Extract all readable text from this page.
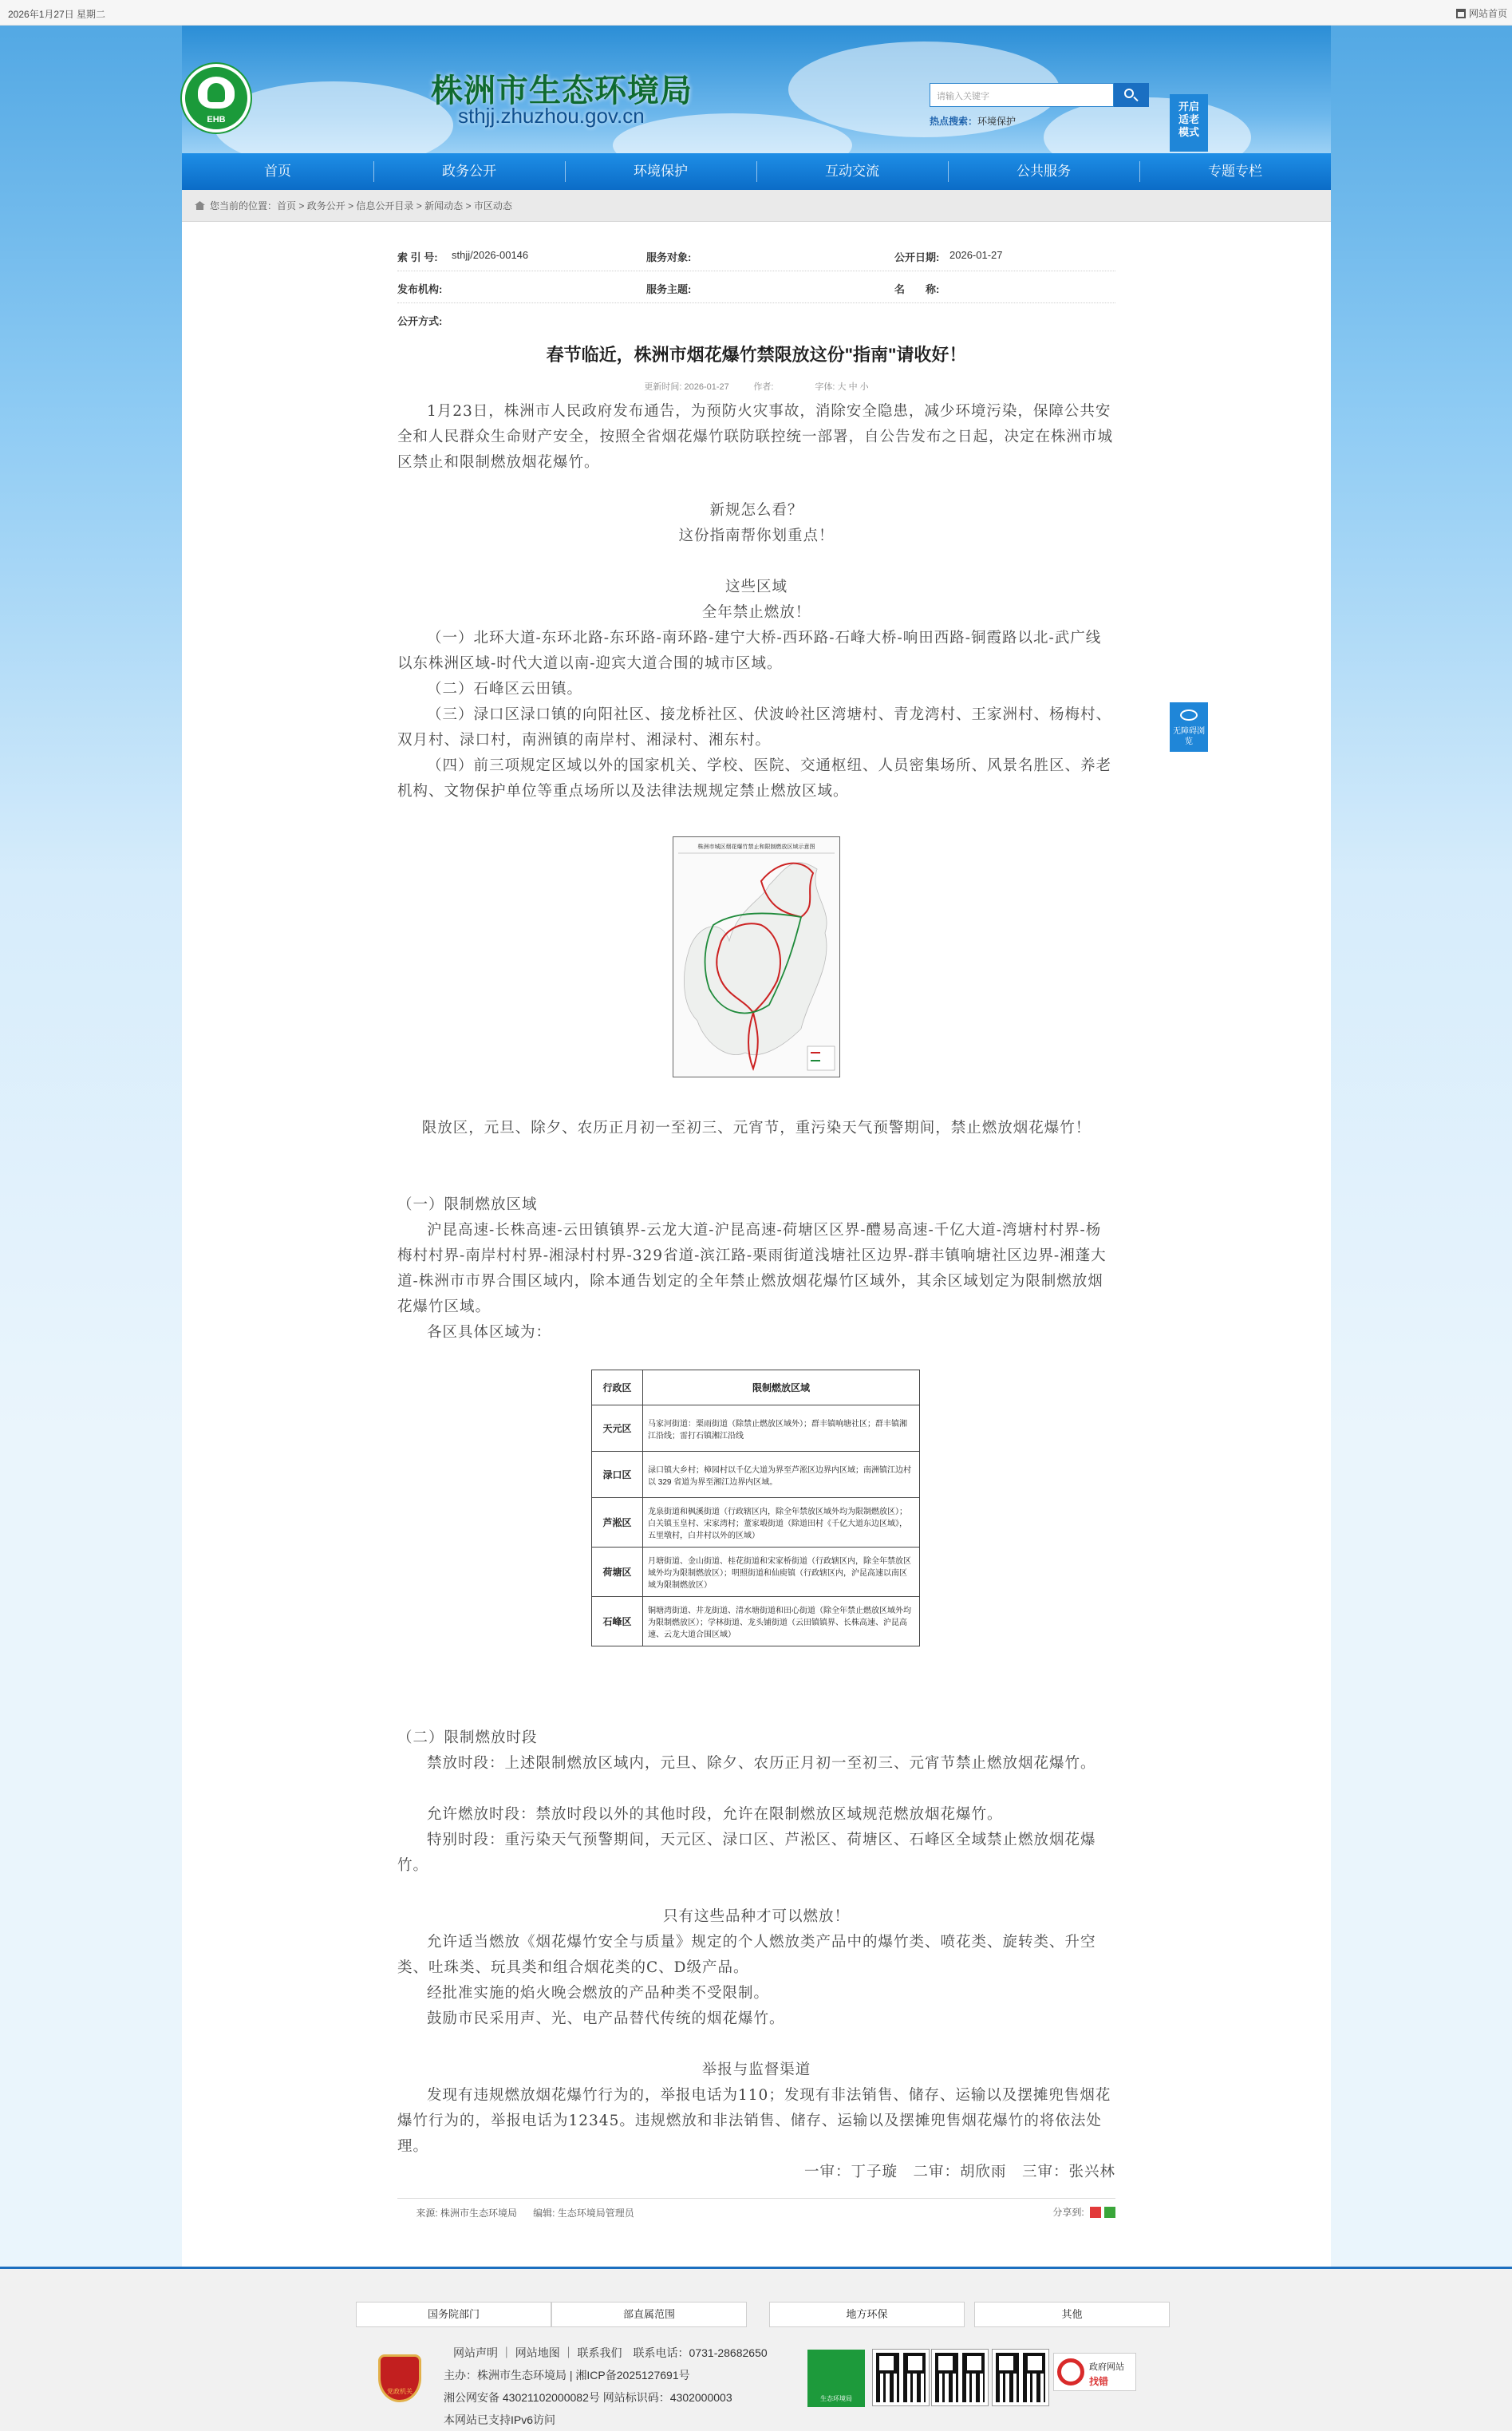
2026年1月27日 星期二	网站首页
EHB
株洲市生态环境局
sthjj.zhuzhou.gov.cn
请输入关键字
热点搜索：环境保护
开启适老模式
首页	政务公开	环境保护	互动交流	公共服务	专题专栏
您当前的位置：首页 > 政务公开 > 信息公开目录 > 新闻动态 > 市区动态
索 引 号: sthjj/2026-00146	服务对象:	公开日期: 2026-01-27
发布机构:	服务主题:	名　　称:
公开方式:
春节临近，株洲市烟花爆竹禁限放这份"指南"请收好！
更新时间: 2026-01-27	作者:	字体: 大 中 小
1月23日，株洲市人民政府发布通告，为预防火灾事故，消除安全隐患，减少环境污染，保障公共安全和人民群众生命财产安全，按照全省烟花爆竹联防联控统一部署，自公告发布之日起，决定在株洲市城区禁止和限制燃放烟花爆竹。
新规怎么看？
这份指南帮你划重点！
这些区域
全年禁止燃放！
（一）北环大道-东环北路-东环路-南环路-建宁大桥-西环路-石峰大桥-响田西路-铜霞路以北-武广线以东株洲区域-时代大道以南-迎宾大道合围的城市区域。
（二）石峰区云田镇。
（三）渌口区渌口镇的向阳社区、接龙桥社区、伏波岭社区湾塘村、青龙湾村、王家洲村、杨梅村、双月村、渌口村，南洲镇的南岸村、湘渌村、湘东村。
（四）前三项规定区域以外的国家机关、学校、医院、交通枢纽、人员密集场所、风景名胜区、养老机构、文物保护单位等重点场所以及法律法规规定禁止燃放区域。
株洲市城区烟花爆竹禁止和限制燃放区域示意图
限放区，元旦、除夕、农历正月初一至初三、元宵节，重污染天气预警期间，禁止燃放烟花爆竹！
（一）限制燃放区域
沪昆高速-长株高速-云田镇镇界-云龙大道-沪昆高速-荷塘区区界-醴易高速-千亿大道-湾塘村村界-杨梅村村界-南岸村村界-湘渌村村界-329省道-滨江路-栗雨街道浅塘社区边界-群丰镇响塘社区边界-湘蓬大道-株洲市市界合围区域内，除本通告划定的全年禁止燃放烟花爆竹区域外，其余区域划定为限制燃放烟花爆竹区域。
各区具体区域为：
行政区	限制燃放区域
天元区	马家河街道：栗雨街道（除禁止燃放区域外）；群丰镇响塘社区；群丰镇湘江沿线；雷打石镇湘江沿线
渌口区	渌口镇大乡村；樟园村以千亿大道为界至芦淞区边界内区域；南洲镇江边村以 329 省道为界至湘江边界内区域。
芦淞区	龙泉街道和枫溪街道（行政辖区内，除全年禁放区域外均为限制燃放区）；白关镇玉皇村、宋家湾村；董家塅街道（除道田村《千亿大道东边区域》，五里墩村，白井村以外的区域）
荷塘区	月塘街道、金山街道、桂花街道和宋家桥街道（行政辖区内，除全年禁放区域外均为限制燃放区）；明照街道和仙庾镇（行政辖区内，沪昆高速以南区域为限制燃放区）
石峰区	铜塘湾街道、井龙街道、清水塘街道和田心街道（除全年禁止燃放区域外均为限制燃放区）；学林街道、龙头铺街道（云田镇镇界、长株高速、沪昆高速、云龙大道合围区域）
（二）限制燃放时段
禁放时段：上述限制燃放区域内，元旦、除夕、农历正月初一至初三、元宵节禁止燃放烟花爆竹。
允许燃放时段：禁放时段以外的其他时段，允许在限制燃放区域规范燃放烟花爆竹。
特别时段：重污染天气预警期间，天元区、渌口区、芦淞区、荷塘区、石峰区全域禁止燃放烟花爆竹。
只有这些品种才可以燃放！
允许适当燃放《烟花爆竹安全与质量》规定的个人燃放类产品中的爆竹类、喷花类、旋转类、升空类、吐珠类、玩具类和组合烟花类的C、D级产品。
经批准实施的焰火晚会燃放的产品种类不受限制。
鼓励市民采用声、光、电产品替代传统的烟花爆竹。
举报与监督渠道
发现有违规燃放烟花爆竹行为的，举报电话为110；发现有非法销售、储存、运输以及摆摊兜售烟花爆竹行为的，举报电话为12345。违规燃放和非法销售、储存、运输以及摆摊兜售烟花爆竹的将依法处理。
一审：丁子璇　二审：胡欣雨　三审：张兴林
来源: 株洲市生态环境局 编辑: 生态环境局管理员	分享到:
无障碍浏览
国务院部门	部直属范围	地方环保	其他
党政机关
网站声明 ｜ 网站地图 ｜ 联系我们　联系电话：0731-28682650
主办：株洲市生态环境局 | 湘ICP备2025127691号
湘公网安备 43021102000082号 网站标识码：4302000003
本网站已支持IPv6访问
生态环境局
政府网站
找错
